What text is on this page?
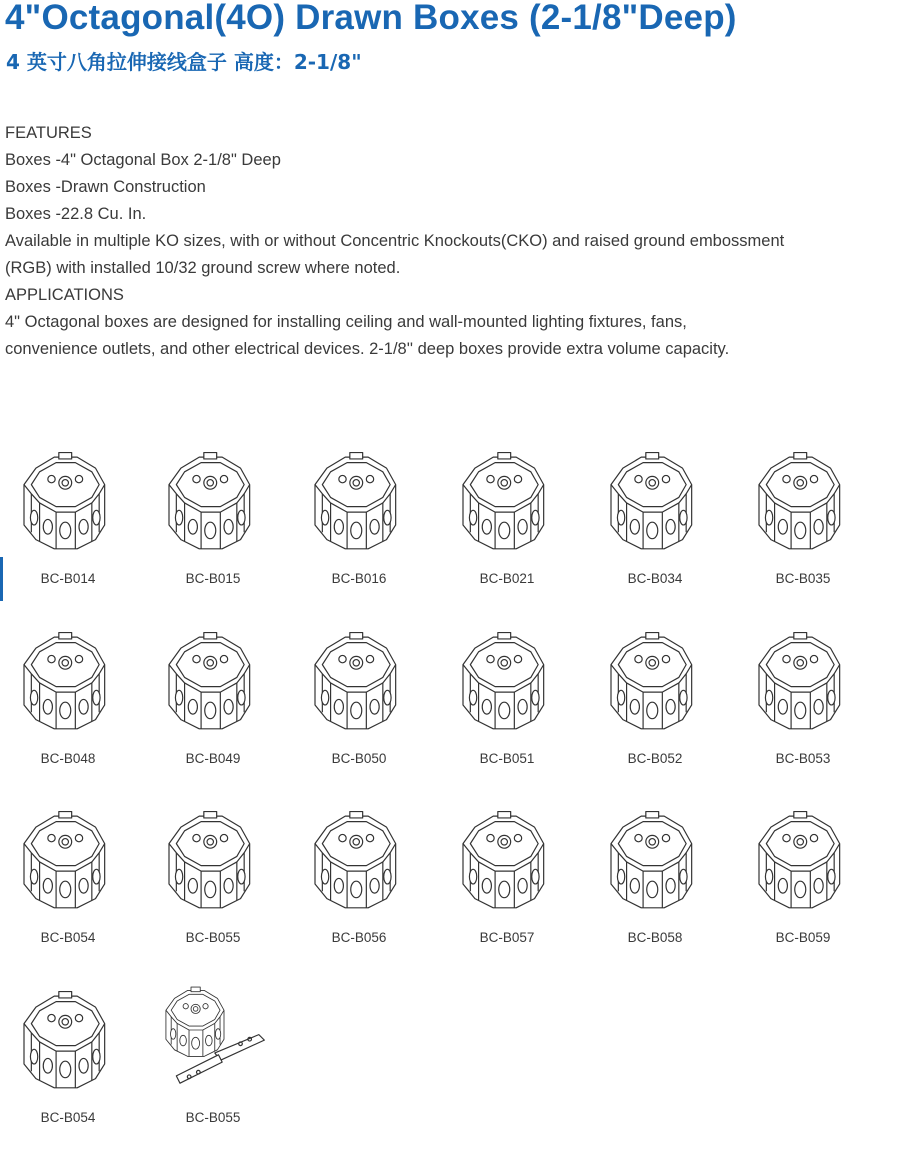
4"Octagonal(4O) Drawn Boxes (2-1/8"Deep)
4 英寸八角拉伸接线盒子 高度：2-1/8"
FEATURES
Boxes -4" Octagonal Box 2-1/8" Deep
Boxes -Drawn Construction
Boxes -22.8 Cu. In.
Available in multiple KO sizes, with or without Concentric Knockouts(CKO) and raised ground embossment
(RGB) with installed 10/32 ground screw where noted.
APPLICATIONS
4" Octagonal boxes are designed for installing ceiling and wall-mounted lighting fixtures, fans,
convenience outlets, and other electrical devices. 2-1/8'' deep boxes provide extra volume capacity.
BC-B014	BC-B015	BC-B016	BC-B021	BC-B034	BC-B035
BC-B048	BC-B049	BC-B050	BC-B051	BC-B052	BC-B053
BC-B054	BC-B055	BC-B056	BC-B057	BC-B058	BC-B059
BC-B054	BC-B055
